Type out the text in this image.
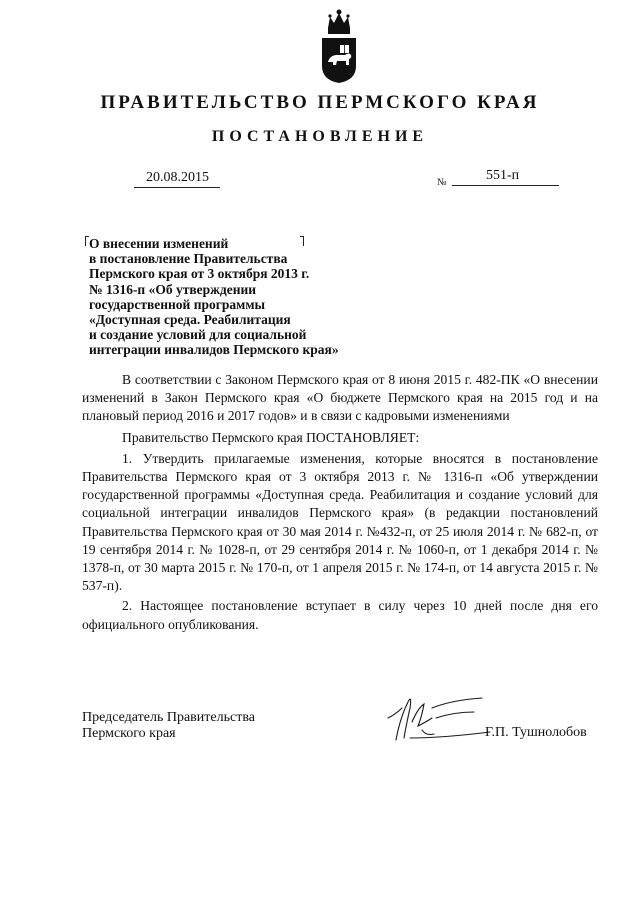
ПРАВИТЕЛЬСТВО ПЕРМСКОГО КРАЯ
ПОСТАНОВЛЕНИЕ
20.08.2015	№	551-п
О внесении изменений
в постановление Правительства
Пермского края от 3 октября 2013 г.
№ 1316-п «Об утверждении
государственной программы
«Доступная среда. Реабилитация
и создание условий для социальной
интеграции инвалидов Пермского края»

В соответствии с Законом Пермского края от 8 июня 2015 г. 482-ПК «О внесении изменений в Закон Пермского края «О бюджете Пермского края на 2015 год и на плановый период 2016 и 2017 годов» и в связи с кадровыми изменениями

Правительство Пермского края ПОСТАНОВЛЯЕТ:

1. Утвердить прилагаемые изменения, которые вносятся в постановление Правительства Пермского края от 3 октября 2013 г. № 1316-п «Об утверждении государственной программы «Доступная среда. Реабилитация и создание условий для социальной интеграции инвалидов Пермского края» (в редакции постановлений Правительства Пермского края от 30 мая 2014 г. №432-п, от 25 июля 2014 г. № 682-п, от 19 сентября 2014 г. № 1028-п, от 29 сентября 2014 г. № 1060-п, от 1 декабря 2014 г. № 1378-п, от 30 марта 2015 г. № 170-п, от 1 апреля 2015 г. № 174-п, от 14 августа 2015 г. № 537-п).

2. Настоящее постановление вступает в силу через 10 дней после дня его официального опубликования.

Председатель Правительства
Пермского края	Г.П. Тушнолобов
